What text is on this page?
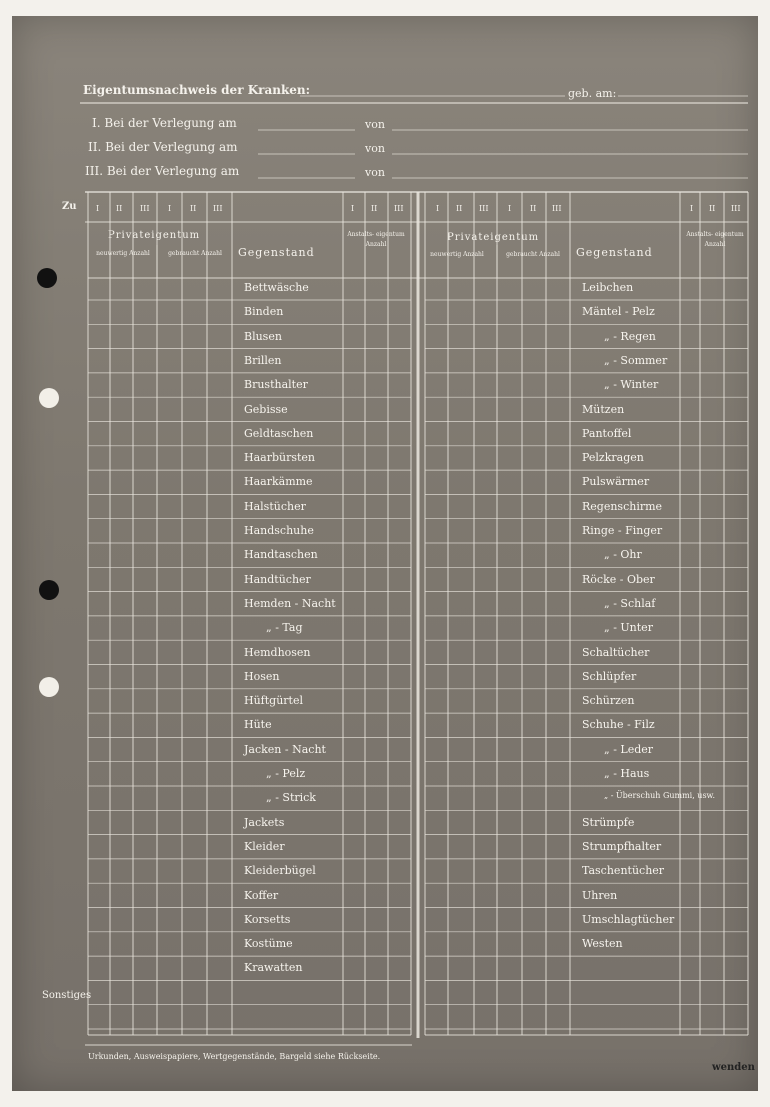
Eigentumsnachweis der Kranken:	geb. am:
I. Bei der Verlegung am	von
II. Bei der Verlegung am	von
III. Bei der Verlegung am	von
Zu I II III I II III	I II III	I II III I II III	I II III
Privateigentum
neuwertig Anzahl	gebraucht Anzahl Gegenstand
Anstalts- eigentum Anzahl
Privateigentum
neuwertig Anzahl	gebraucht Anzahl Gegenstand
Anstalts- eigentum Anzahl
Bettwäsche
Binden
Blusen
Brillen
Brusthalter
Gebisse
Geldtaschen
Haarbürsten
Haarkämme
Halstücher
Handschuhe
Handtaschen
Handtücher
Hemden - Nacht
„ - Tag
Hemdhosen
Hosen
Hüftgürtel
Hüte
Jacken - Nacht
„ - Pelz
„ - Strick
Jackets
Kleider
Kleiderbügel
Koffer
Korsetts
Kostüme
Krawatten
Leibchen
Mäntel - Pelz
„ - Regen
„ - Sommer
„ - Winter
Mützen
Pantoffel
Pelzkragen
Pulswärmer
Regenschirme
Ringe - Finger
„ - Ohr
Röcke - Ober
„ - Schlaf
„ - Unter
Schaltücher
Schlüpfer
Schürzen
Schuhe - Filz
„ - Leder
„ - Haus
„ - Überschuh Gummi, usw.
Strümpfe
Strumpfhalter
Taschentücher
Uhren
Umschlagtücher
Westen
Sonstiges
Urkunden, Ausweispapiere, Wertgegenstände, Bargeld siehe Rückseite.
wenden
